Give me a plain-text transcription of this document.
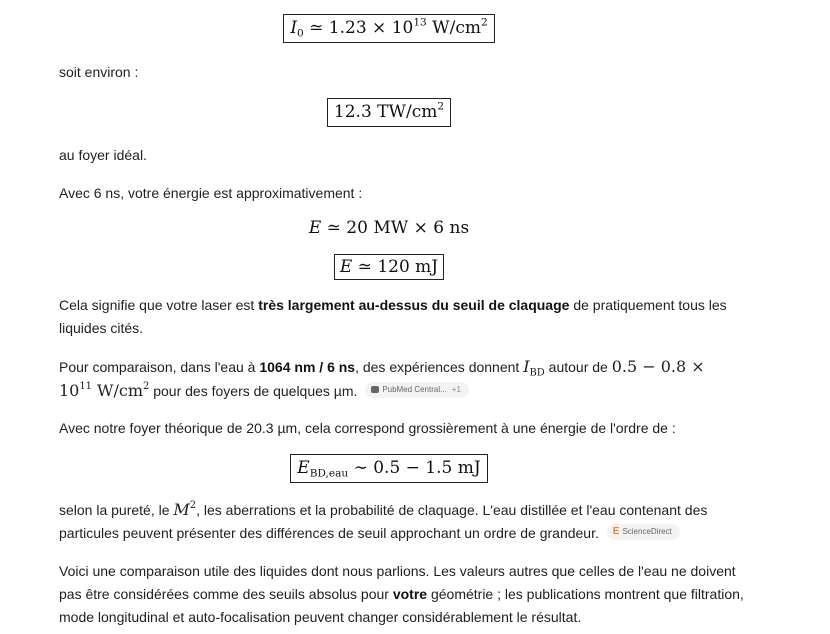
$I_0$ ≃ $1.23 \times 10^{13}$ $W/cm^2$

soit environ :

12.3 $TW/cm^2$

au foyer idéal.

Avec 6 ns, votre énergie est approximativement :

E ≃ 20 MW × 6 ns
E ≃ 120 mJ

Cela signifie que votre laser est très largement au-dessus du seuil de claquage de pratiquement tous les liquides cités.

Pour comparaison, dans l'eau à 1064 nm / 6 ns, des expériences donnent $I_{BD}$ autour de 0.5 − 0.8 ×
$10^{11}$ $W/cm^2$ pour des foyers de quelques µm.	PubMed Central... +1

Avec notre foyer théorique de 20.3 µm, cela correspond grossièrement à une énergie de l'ordre de :

$E_{BD,eau}$ ∼ 0.5 − 1.5 mJ

selon la pureté, le $M^2$, les aberrations et la probabilité de claquage. L'eau distillée et l'eau contenant des particules peuvent présenter des différences de seuil approchant un ordre de grandeur. E ScienceDirect

Voici une comparaison utile des liquides dont nous parlions. Les valeurs autres que celles de l'eau ne doivent pas être considérées comme des seuils absolus pour votre géométrie ; les publications montrent que filtration, mode longitudinal et auto-focalisation peuvent changer considérablement le résultat.
